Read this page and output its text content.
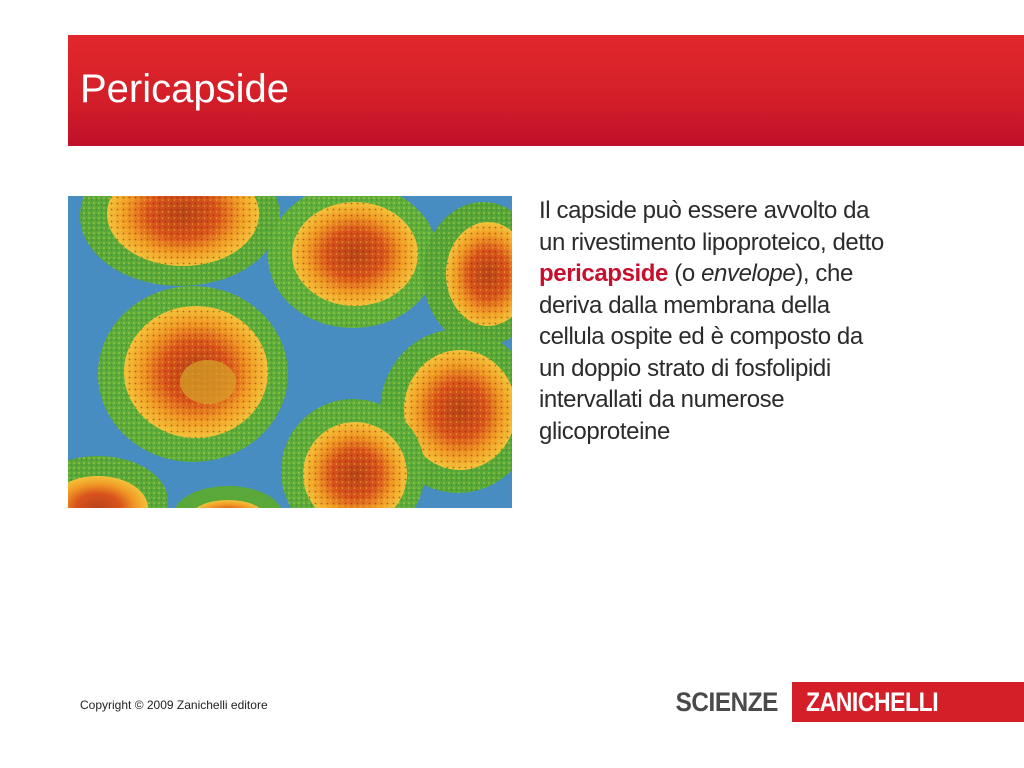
Pericapside
Il capside può essere avvolto da
un rivestimento lipoproteico, detto
pericapside (o envelope), che
deriva dalla membrana della
cellula ospite ed è composto da
un doppio strato di fosfolipidi
intervallati da numerose
glicoproteine
Copyright © 2009 Zanichelli editore	SCIENZE ZANICHELLI
